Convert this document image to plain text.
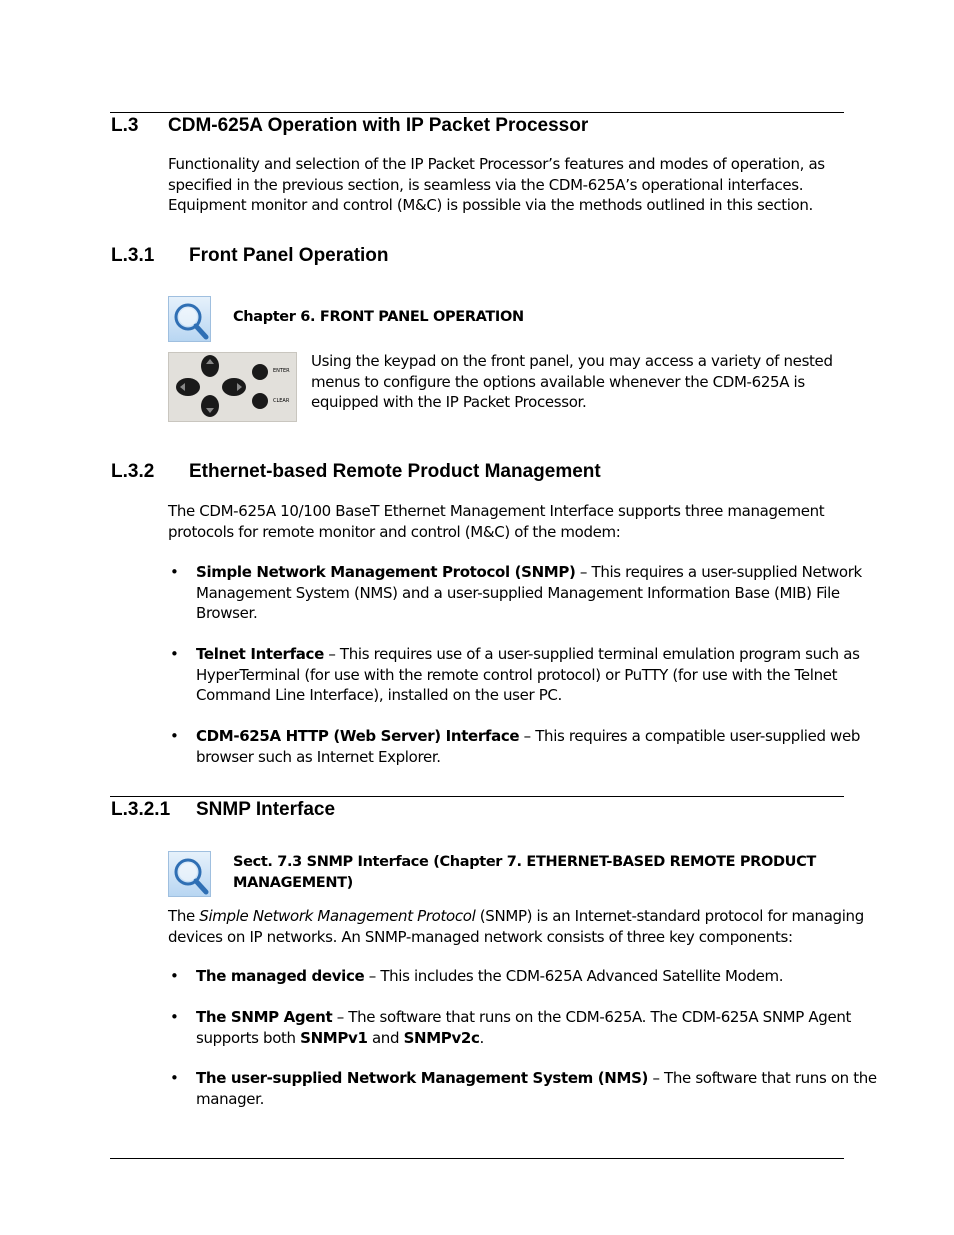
L.3 CDM-625A Operation with IP Packet Processor
Functionality and selection of the IP Packet Processor’s features and modes of operation, as
specified in the previous section, is seamless via the CDM-625A’s operational interfaces.
Equipment monitor and control (M&C) is possible via the methods outlined in this section.
L.3.1 Front Panel Operation
Chapter 6. FRONT PANEL OPERATION
ENTER
CLEAR
Using the keypad on the front panel, you may access a variety of nested
menus to configure the options available whenever the CDM-625A is
equipped with the IP Packet Processor.
L.3.2 Ethernet-based Remote Product Management
The CDM-625A 10/100 BaseT Ethernet Management Interface supports three management
protocols for remote monitor and control (M&C) of the modem:
• Simple Network Management Protocol (SNMP) – This requires a user-supplied Network
Management System (NMS) and a user-supplied Management Information Base (MIB) File
Browser.
• Telnet Interface – This requires use of a user-supplied terminal emulation program such as
HyperTerminal (for use with the remote control protocol) or PuTTY (for use with the Telnet
Command Line Interface), installed on the user PC.
• CDM-625A HTTP (Web Server) Interface – This requires a compatible user-supplied web
browser such as Internet Explorer.
L.3.2.1 SNMP Interface
Sect. 7.3 SNMP Interface (Chapter 7. ETHERNET-BASED REMOTE PRODUCT
MANAGEMENT)
The Simple Network Management Protocol (SNMP) is an Internet-standard protocol for managing
devices on IP networks. An SNMP-managed network consists of three key components:
• The managed device – This includes the CDM-625A Advanced Satellite Modem.
• The SNMP Agent – The software that runs on the CDM-625A. The CDM-625A SNMP Agent
supports both SNMPv1 and SNMPv2c.
• The user-supplied Network Management System (NMS) – The software that runs on the
manager.
